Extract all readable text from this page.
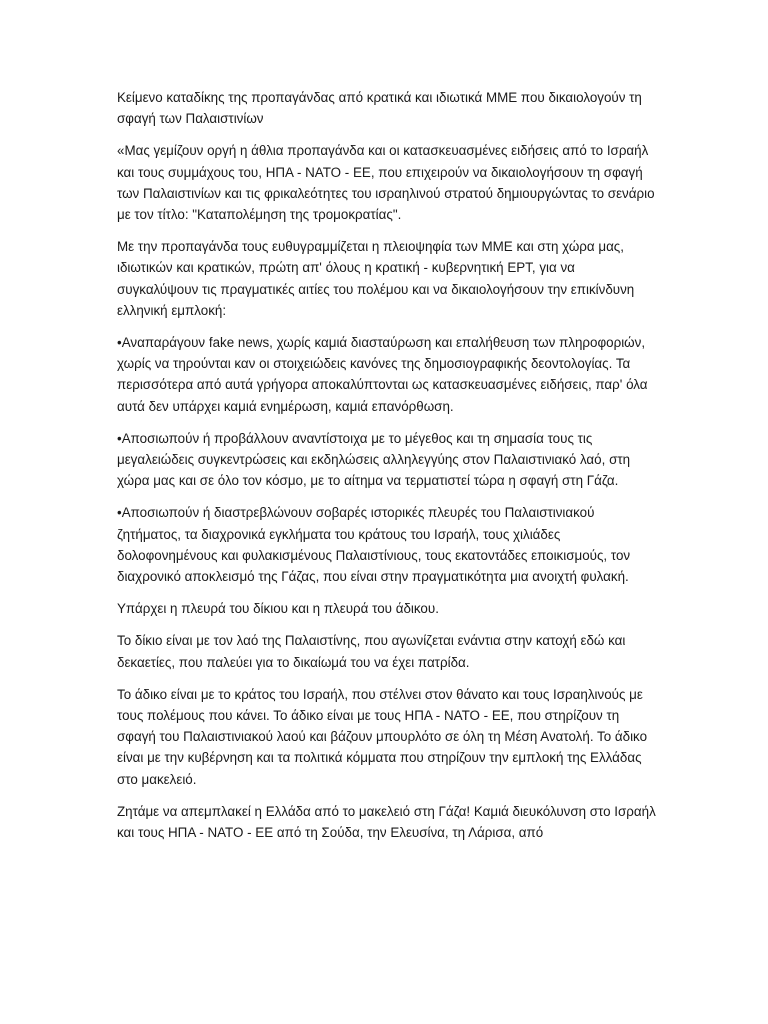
Κείμενο καταδίκης της προπαγάνδας από κρατικά και ιδιωτικά ΜΜΕ που δικαιολογούν τη σφαγή των Παλαιστινίων

«Μας γεμίζουν οργή η άθλια προπαγάνδα και οι κατασκευασμένες ειδήσεις από το Ισραήλ και τους συμμάχους του, ΗΠΑ - ΝΑΤΟ - ΕΕ, που επιχειρούν να δικαιολογήσουν τη σφαγή των Παλαιστινίων και τις φρικαλεότητες του ισραηλινού στρατού δημιουργώντας το σενάριο με τον τίτλο: "Καταπολέμηση της τρομοκρατίας".

Με την προπαγάνδα τους ευθυγραμμίζεται η πλειοψηφία των ΜΜΕ και στη χώρα μας, ιδιωτικών και κρατικών, πρώτη απ' όλους η κρατική - κυβερνητική ΕΡΤ, για να συγκαλύψουν τις πραγματικές αιτίες του πολέμου και να δικαιολογήσουν την επικίνδυνη ελληνική εμπλοκή:

•Αναπαράγουν fake news, χωρίς καμιά διασταύρωση και επαλήθευση των πληροφοριών, χωρίς να τηρούνται καν οι στοιχειώδεις κανόνες της δημοσιογραφικής δεοντολογίας. Τα περισσότερα από αυτά γρήγορα αποκαλύπτονται ως κατασκευασμένες ειδήσεις, παρ' όλα αυτά δεν υπάρχει καμιά ενημέρωση, καμιά επανόρθωση.

•Αποσιωπούν ή προβάλλουν αναντίστοιχα με το μέγεθος και τη σημασία τους τις μεγαλειώδεις συγκεντρώσεις και εκδηλώσεις αλληλεγγύης στον Παλαιστινιακό λαό, στη χώρα μας και σε όλο τον κόσμο, με το αίτημα να τερματιστεί τώρα η σφαγή στη Γάζα.

•Αποσιωπούν ή διαστρεβλώνουν σοβαρές ιστορικές πλευρές του Παλαιστινιακού ζητήματος, τα διαχρονικά εγκλήματα του κράτους του Ισραήλ, τους χιλιάδες δολοφονημένους και φυλακισμένους Παλαιστίνιους, τους εκατοντάδες εποικισμούς, τον διαχρονικό αποκλεισμό της Γάζας, που είναι στην πραγματικότητα μια ανοιχτή φυλακή.

Υπάρχει η πλευρά του δίκιου και η πλευρά του άδικου.

Το δίκιο είναι με τον λαό της Παλαιστίνης, που αγωνίζεται ενάντια στην κατοχή εδώ και δεκαετίες, που παλεύει για το δικαίωμά του να έχει πατρίδα.

Το άδικο είναι με το κράτος του Ισραήλ, που στέλνει στον θάνατο και τους Ισραηλινούς με τους πολέμους που κάνει. Το άδικο είναι με τους ΗΠΑ - ΝΑΤΟ - ΕΕ, που στηρίζουν τη σφαγή του Παλαιστινιακού λαού και βάζουν μπουρλότο σε όλη τη Μέση Ανατολή. Το άδικο είναι με την κυβέρνηση και τα πολιτικά κόμματα που στηρίζουν την εμπλοκή της Ελλάδας στο μακελειό.

Ζητάμε να απεμπλακεί η Ελλάδα από το μακελειό στη Γάζα! Καμιά διευκόλυνση στο Ισραήλ και τους ΗΠΑ - ΝΑΤΟ - ΕΕ από τη Σούδα, την Ελευσίνα, τη Λάρισα, από
